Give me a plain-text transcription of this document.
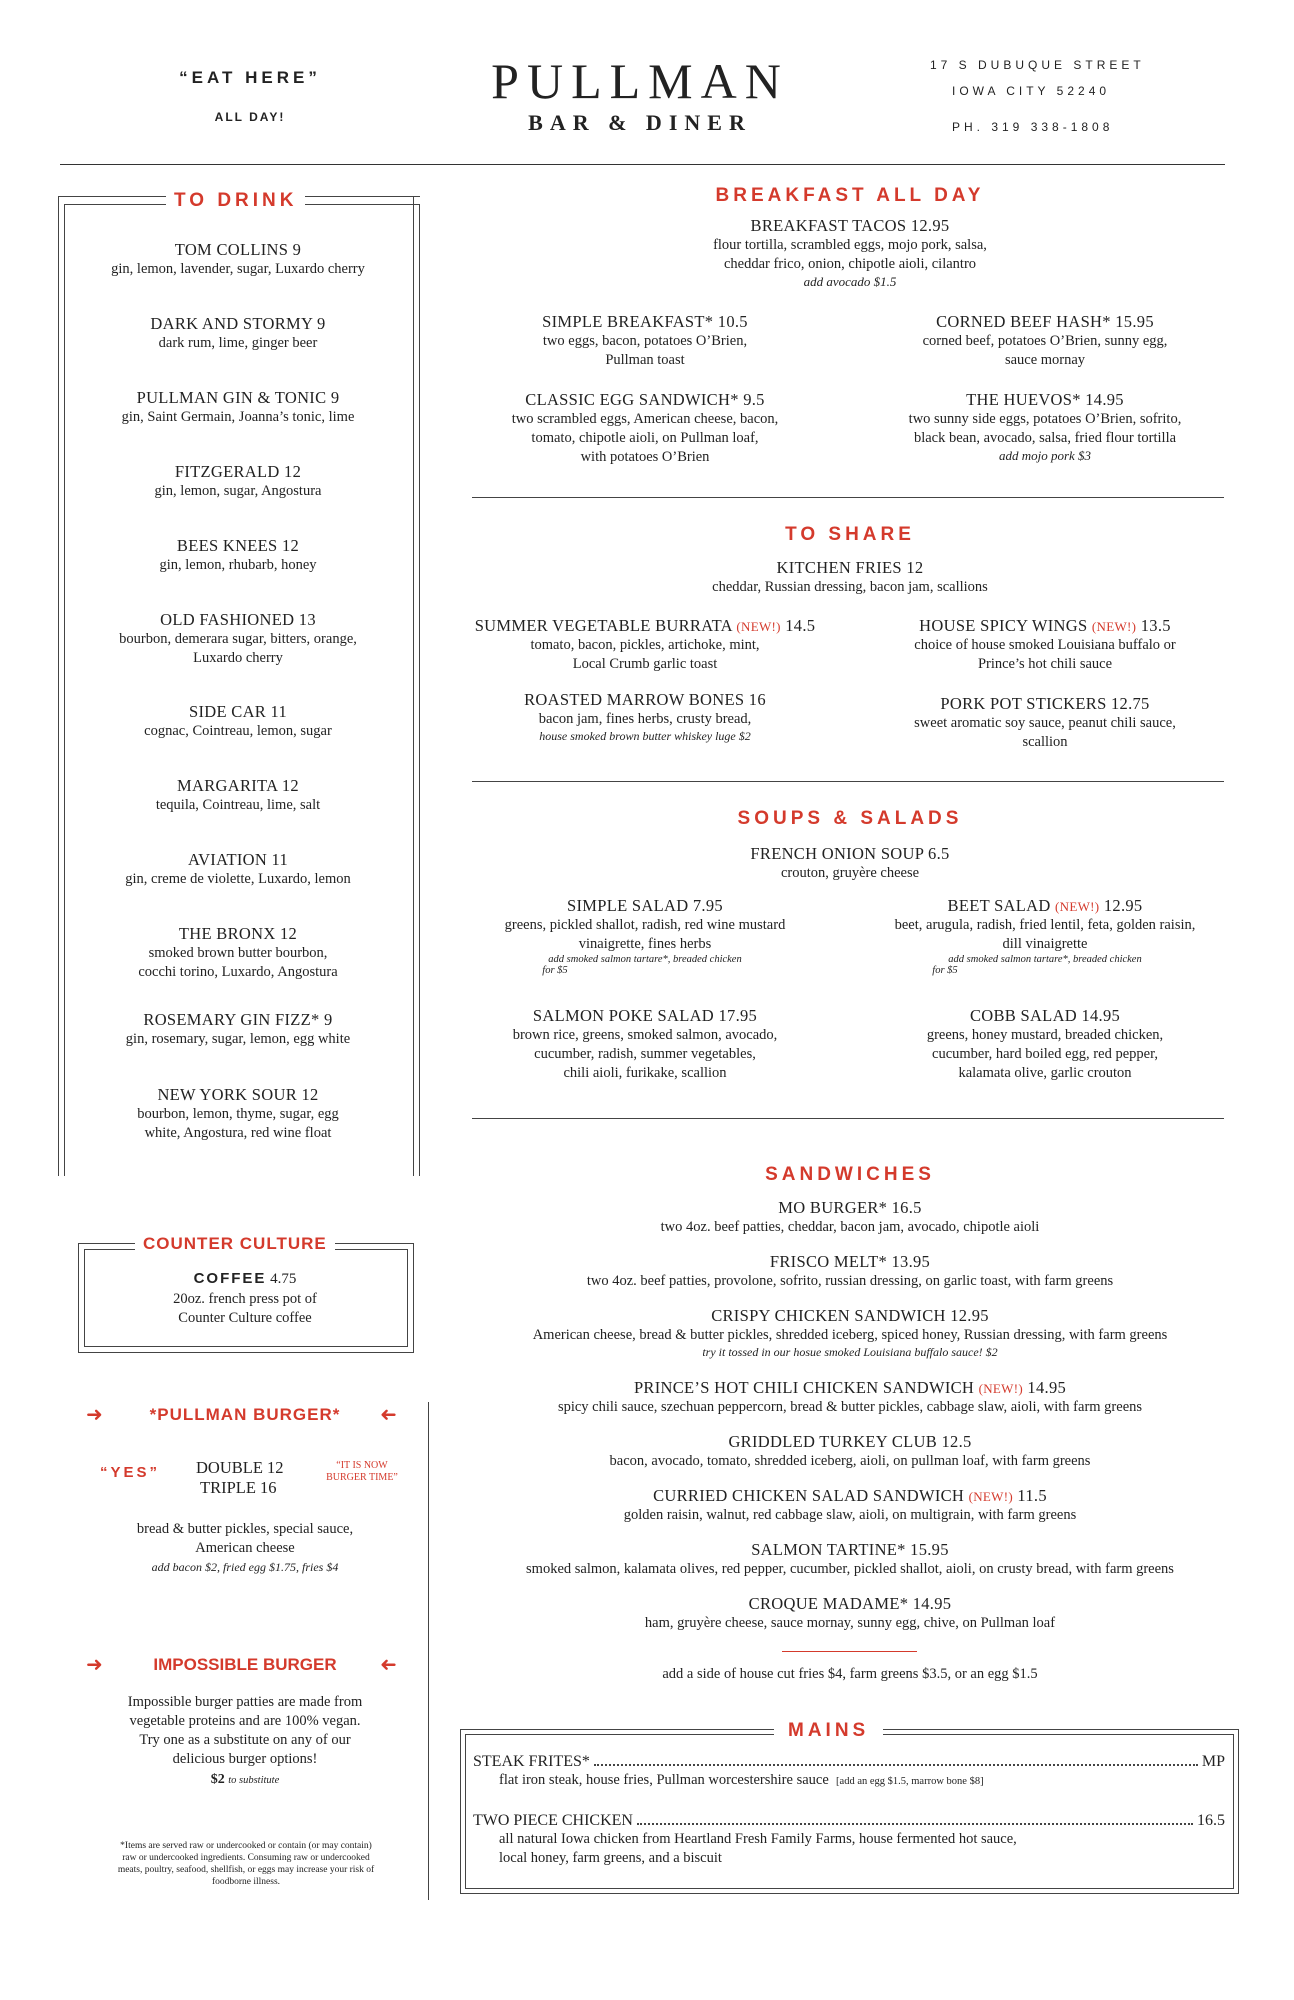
“EAT HERE”
ALL DAY!
PULLMAN
BAR & DINER
17 S DUBUQUE STREET
IOWA CITY 52240
PH. 319 338-1808
TO DRINK
TOM COLLINS 9
gin, lemon, lavender, sugar, Luxardo cherry
DARK AND STORMY 9
dark rum, lime, ginger beer
PULLMAN GIN & TONIC 9
gin, Saint Germain, Joanna’s tonic, lime
FITZGERALD 12
gin, lemon, sugar, Angostura
BEES KNEES 12
gin, lemon, rhubarb, honey
OLD FASHIONED 13
bourbon, demerara sugar, bitters, orange,
Luxardo cherry
SIDE CAR 11
cognac, Cointreau, lemon, sugar
MARGARITA 12
tequila, Cointreau, lime, salt
AVIATION 11
gin, creme de violette, Luxardo, lemon
THE BRONX 12
smoked brown butter bourbon,
cocchi torino, Luxardo, Angostura
ROSEMARY GIN FIZZ* 9
gin, rosemary, sugar, lemon, egg white
NEW YORK SOUR 12
bourbon, lemon, thyme, sugar, egg
white, Angostura, red wine float
COUNTER CULTURE
COFFEE 4.75
20oz. french press pot of
Counter Culture coffee
➜	➜
*PULLMAN BURGER*
“YES” DOUBLE 12
TRIPLE 16
“IT IS NOW
BURGER TIME”
bread & butter pickles, special sauce,
American cheese
add bacon $2, fried egg $1.75, fries $4
➜	➜
IMPOSSIBLE BURGER
Impossible burger patties are made from
vegetable proteins and are 100% vegan.
Try one as a substitute on any of our
delicious burger options!
$2 to substitute
*Items are served raw or undercooked or contain (or may contain)
raw or undercooked ingredients. Consuming raw or undercooked
meats, poultry, seafood, shellfish, or eggs may increase your risk of
foodborne illness.
BREAKFAST ALL DAY
BREAKFAST TACOS 12.95
flour tortilla, scrambled eggs, mojo pork, salsa,
cheddar frico, onion, chipotle aioli, cilantro
add avocado $1.5
SIMPLE BREAKFAST* 10.5
two eggs, bacon, potatoes O’Brien,
Pullman toast
CORNED BEEF HASH* 15.95
corned beef, potatoes O’Brien, sunny egg,
sauce mornay
CLASSIC EGG SANDWICH* 9.5
two scrambled eggs, American cheese, bacon,
tomato, chipotle aioli, on Pullman loaf,
with potatoes O’Brien
THE HUEVOS* 14.95
two sunny side eggs, potatoes O’Brien, sofrito,
black bean, avocado, salsa, fried flour tortilla
add mojo pork $3
TO SHARE
KITCHEN FRIES 12
cheddar, Russian dressing, bacon jam, scallions
SUMMER VEGETABLE BURRATA (NEW!) 14.5
tomato, bacon, pickles, artichoke, mint,
Local Crumb garlic toast
HOUSE SPICY WINGS (NEW!) 13.5
choice of house smoked Louisiana buffalo or
Prince’s hot chili sauce
ROASTED MARROW BONES 16
bacon jam, fines herbs, crusty bread,
house smoked brown butter whiskey luge $2
PORK POT STICKERS 12.75
sweet aromatic soy sauce, peanut chili sauce,
scallion
SOUPS & SALADS
FRENCH ONION SOUP 6.5
crouton, gruyère cheese
SIMPLE SALAD 7.95
greens, pickled shallot, radish, red wine mustard
vinaigrette, fines herbs
add smoked salmon tartare*, breaded chicken
for $5
BEET SALAD (NEW!) 12.95
beet, arugula, radish, fried lentil, feta, golden raisin,
dill vinaigrette
add smoked salmon tartare*, breaded chicken
for $5
SALMON POKE SALAD 17.95
brown rice, greens, smoked salmon, avocado,
cucumber, radish, summer vegetables,
chili aioli, furikake, scallion
COBB SALAD 14.95
greens, honey mustard, breaded chicken,
cucumber, hard boiled egg, red pepper,
kalamata olive, garlic crouton
SANDWICHES
MO BURGER* 16.5
two 4oz. beef patties, cheddar, bacon jam, avocado, chipotle aioli
FRISCO MELT* 13.95
two 4oz. beef patties, provolone, sofrito, russian dressing, on garlic toast, with farm greens
CRISPY CHICKEN SANDWICH 12.95
American cheese, bread & butter pickles, shredded iceberg, spiced honey, Russian dressing, with farm greens
try it tossed in our hosue smoked Louisiana buffalo sauce! $2
PRINCE’S HOT CHILI CHICKEN SANDWICH (NEW!) 14.95
spicy chili sauce, szechuan peppercorn, bread & butter pickles, cabbage slaw, aioli, with farm greens
GRIDDLED TURKEY CLUB 12.5
bacon, avocado, tomato, shredded iceberg, aioli, on pullman loaf, with farm greens
CURRIED CHICKEN SALAD SANDWICH (NEW!) 11.5
golden raisin, walnut, red cabbage slaw, aioli, on multigrain, with farm greens
SALMON TARTINE* 15.95
smoked salmon, kalamata olives, red pepper, cucumber, pickled shallot, aioli, on crusty bread, with farm greens
CROQUE MADAME* 14.95
ham, gruyère cheese, sauce mornay, sunny egg, chive, on Pullman loaf
add a side of house cut fries $4, farm greens $3.5, or an egg $1.5
MAINS
STEAK FRITES*	MP
flat iron steak, house fries, Pullman worcestershire sauce [add an egg $1.5, marrow bone $8]
TWO PIECE CHICKEN	16.5
all natural Iowa chicken from Heartland Fresh Family Farms, house fermented hot sauce,
local honey, farm greens, and a biscuit
